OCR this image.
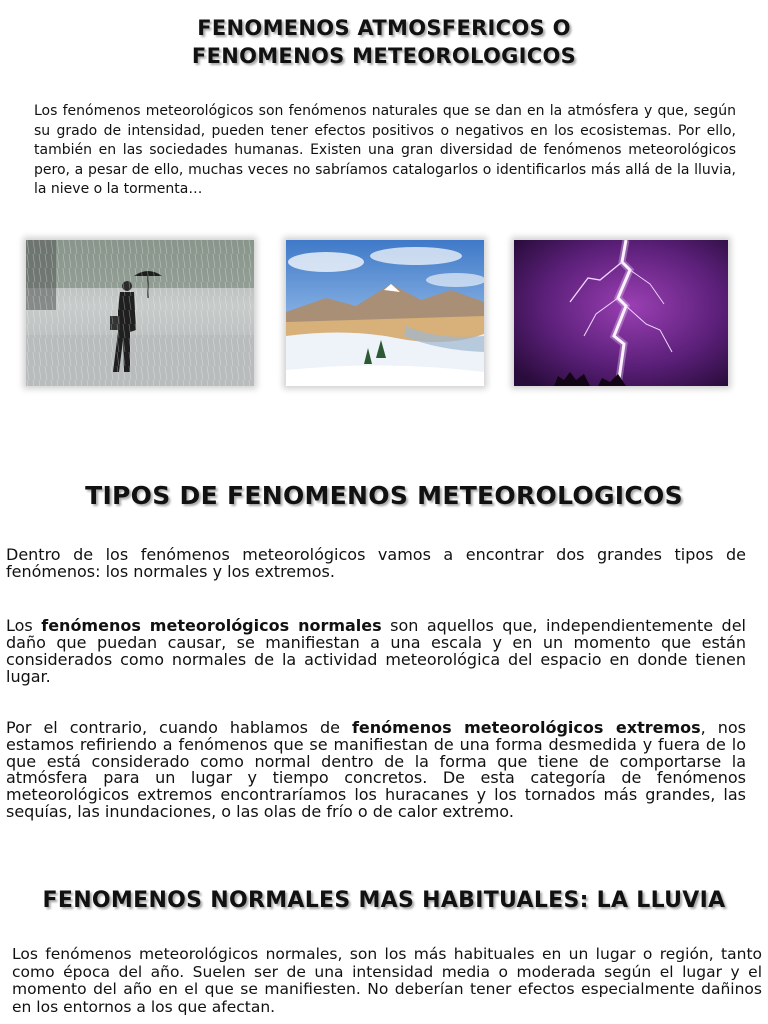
FENOMENOS ATMOSFERICOS O
FENOMENOS METEOROLOGICOS

Los fenómenos meteorológicos son fenómenos naturales que se dan en la atmósfera y que, según su grado de intensidad, pueden tener efectos positivos o negativos en los ecosistemas. Por ello, también en las sociedades humanas. Existen una gran diversidad de fenómenos meteorológicos pero, a pesar de ello, muchas veces no sabríamos catalogarlos o identificarlos más allá de la lluvia, la nieve o la tormenta…

TIPOS DE FENOMENOS METEOROLOGICOS

Dentro de los fenómenos meteorológicos vamos a encontrar dos grandes tipos de fenómenos: los normales y los extremos.

Los fenómenos meteorológicos normales son aquellos que, independientemente del daño que puedan causar, se manifiestan a una escala y en un momento que están considerados como normales de la actividad meteorológica del espacio en donde tienen lugar.

Por el contrario, cuando hablamos de fenómenos meteorológicos extremos, nos estamos refiriendo a fenómenos que se manifiestan de una forma desmedida y fuera de lo que está considerado como normal dentro de la forma que tiene de comportarse la atmósfera para un lugar y tiempo concretos. De esta categoría de fenómenos meteorológicos extremos encontraríamos los huracanes y los tornados más grandes, las sequías, las inundaciones, o las olas de frío o de calor extremo.

FENOMENOS NORMALES MAS HABITUALES: LA LLUVIA

Los fenómenos meteorológicos normales, son los más habituales en un lugar o región, tanto como época del año. Suelen ser de una intensidad media o moderada según el lugar y el momento del año en el que se manifiesten. No deberían tener efectos especialmente dañinos en los entornos a los que afectan.
